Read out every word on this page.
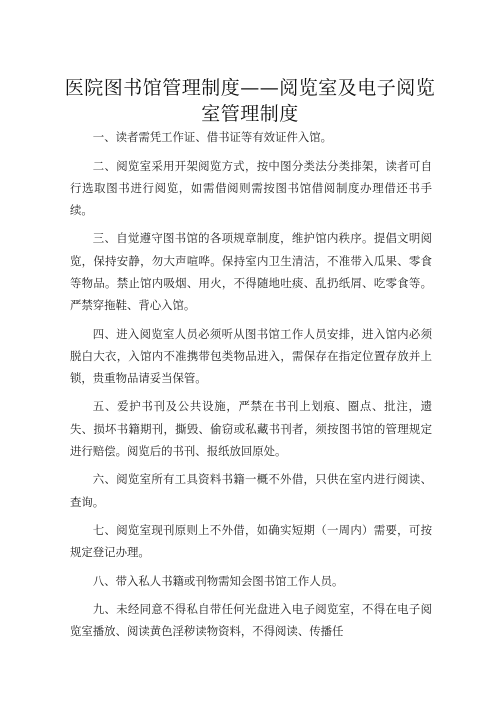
医院图书馆管理制度——阅览室及电子阅览室管理制度

一、读者需凭工作证、借书证等有效证件入馆。

二、阅览室采用开架阅览方式，按中图分类法分类排架，读者可自行选取图书进行阅览，如需借阅则需按图书馆借阅制度办理借还书手续。

三、自觉遵守图书馆的各项规章制度，维护馆内秩序。提倡文明阅览，保持安静，勿大声喧哗。保持室内卫生清洁，不准带入瓜果、零食等物品。禁止馆内吸烟、用火，不得随地吐痰、乱扔纸屑、吃零食等。严禁穿拖鞋、背心入馆。

四、进入阅览室人员必须听从图书馆工作人员安排，进入馆内必须脱白大衣，入馆内不准携带包类物品进入，需保存在指定位置存放并上锁，贵重物品请妥当保管。

五、爱护书刊及公共设施，严禁在书刊上划痕、圈点、批注，遗失、损坏书籍期刊，撕毁、偷窃或私藏书刊者，须按图书馆的管理规定进行赔偿。阅览后的书刊、报纸放回原处。

六、阅览室所有工具资料书籍一概不外借，只供在室内进行阅读、查询。

七、阅览室现刊原则上不外借，如确实短期（一周内）需要，可按规定登记办理。

八、带入私人书籍或刊物需知会图书馆工作人员。

九、未经同意不得私自带任何光盘进入电子阅览室，不得在电子阅览室播放、阅读黄色淫秽读物资料，不得阅读、传播任
